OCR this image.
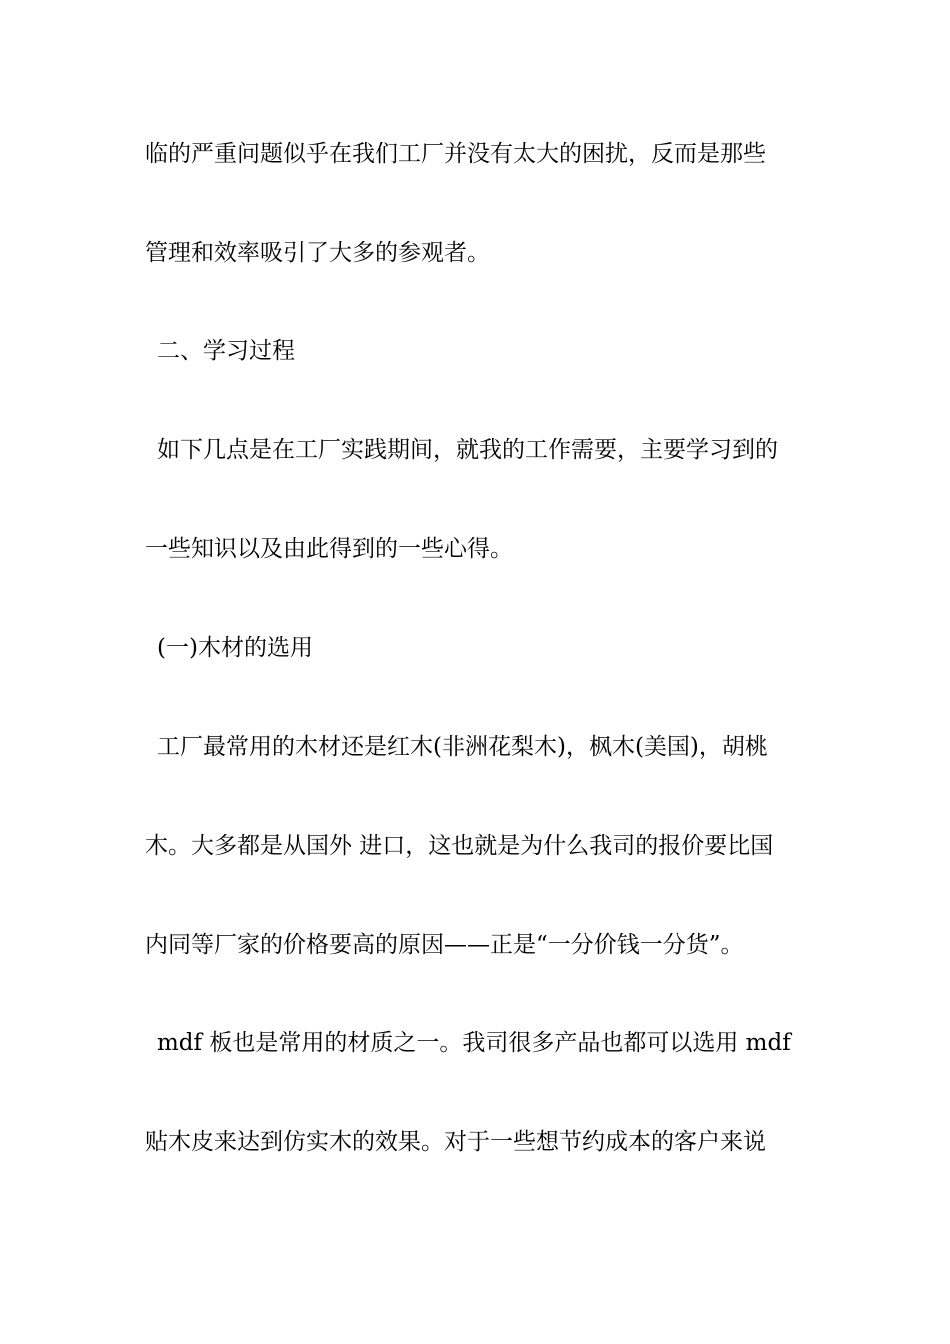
临的严重问题似乎在我们工厂并没有太大的困扰，反而是那些
管理和效率吸引了大多的参观者。
二、学习过程
如下几点是在工厂实践期间，就我的工作需要，主要学习到的
一些知识以及由此得到的一些心得。
(一)木材的选用
工厂最常用的木材还是红木(非洲花梨木)，枫木(美国)，胡桃
木。大多都是从国外 进口，这也就是为什么我司的报价要比国
内同等厂家的价格要高的原因——正是“一分价钱一分货”。
mdf 板也是常用的材质之一。我司很多产品也都可以选用 mdf
贴木皮来达到仿实木的效果。对于一些想节约成本的客户来说
